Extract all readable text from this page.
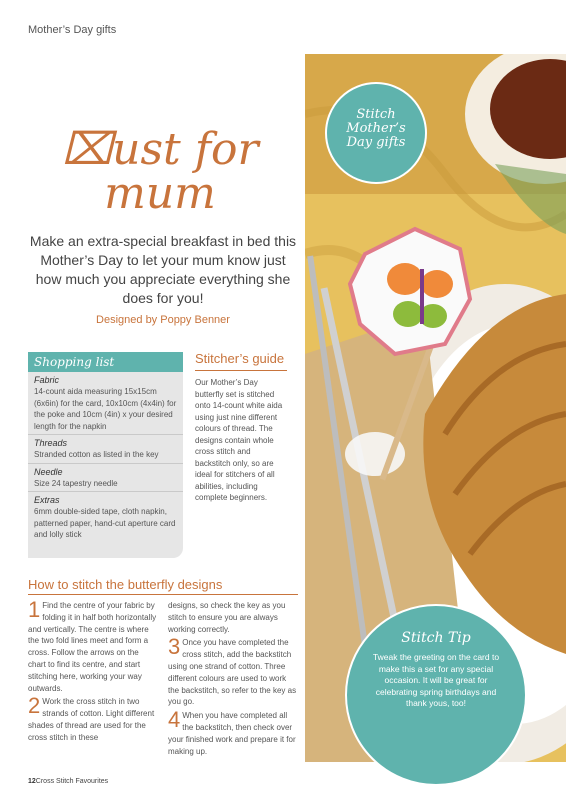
Mother’s Day gifts
Stitch
Mother’s
Day gifts
⌧ust for
mum
Make an extra-special breakfast in bed this Mother’s Day to let your mum know just how much you appreciate everything she does for you!
Designed by Poppy Benner
Shopping list
Fabric
14-count aida measuring 15x15cm (6x6in) for the card, 10x10cm (4x4in) for the poke and 10cm (4in) x your desired length for the napkin
Threads
Stranded cotton as listed in the key
Needle
Size 24 tapestry needle
Extras
6mm double-sided tape, cloth napkin, patterned paper, hand-cut aperture card and lolly stick
Stitcher’s guide
Our Mother’s Day butterfly set is stitched onto 14-count white aida using just nine different colours of thread. The designs contain whole cross stitch and backstitch only, so are ideal for stitchers of all abilities, including complete beginners.
How to stitch the butterfly designs
1 Find the centre of your fabric by folding it in half both horizontally and vertically. The centre is where the two fold lines meet and form a cross. Follow the arrows on the chart to find its centre, and start stitching here, working your way outwards.
2 Work the cross stitch in two strands of cotton. Light different shades of thread are used for the cross stitch in these
designs, so check the key as you stitch to ensure you are always working correctly.
3 Once you have completed the cross stitch, add the backstitch using one strand of cotton. Three different colours are used to work the backstitch, so refer to the key as you go.
4 When you have completed all the backstitch, then check over your finished work and prepare it for making up.
Stitch Tip
Tweak the greeting on the card to make this a set for any special occasion. It will be great for celebrating spring birthdays and thank yous, too!
12Cross Stitch Favourites
